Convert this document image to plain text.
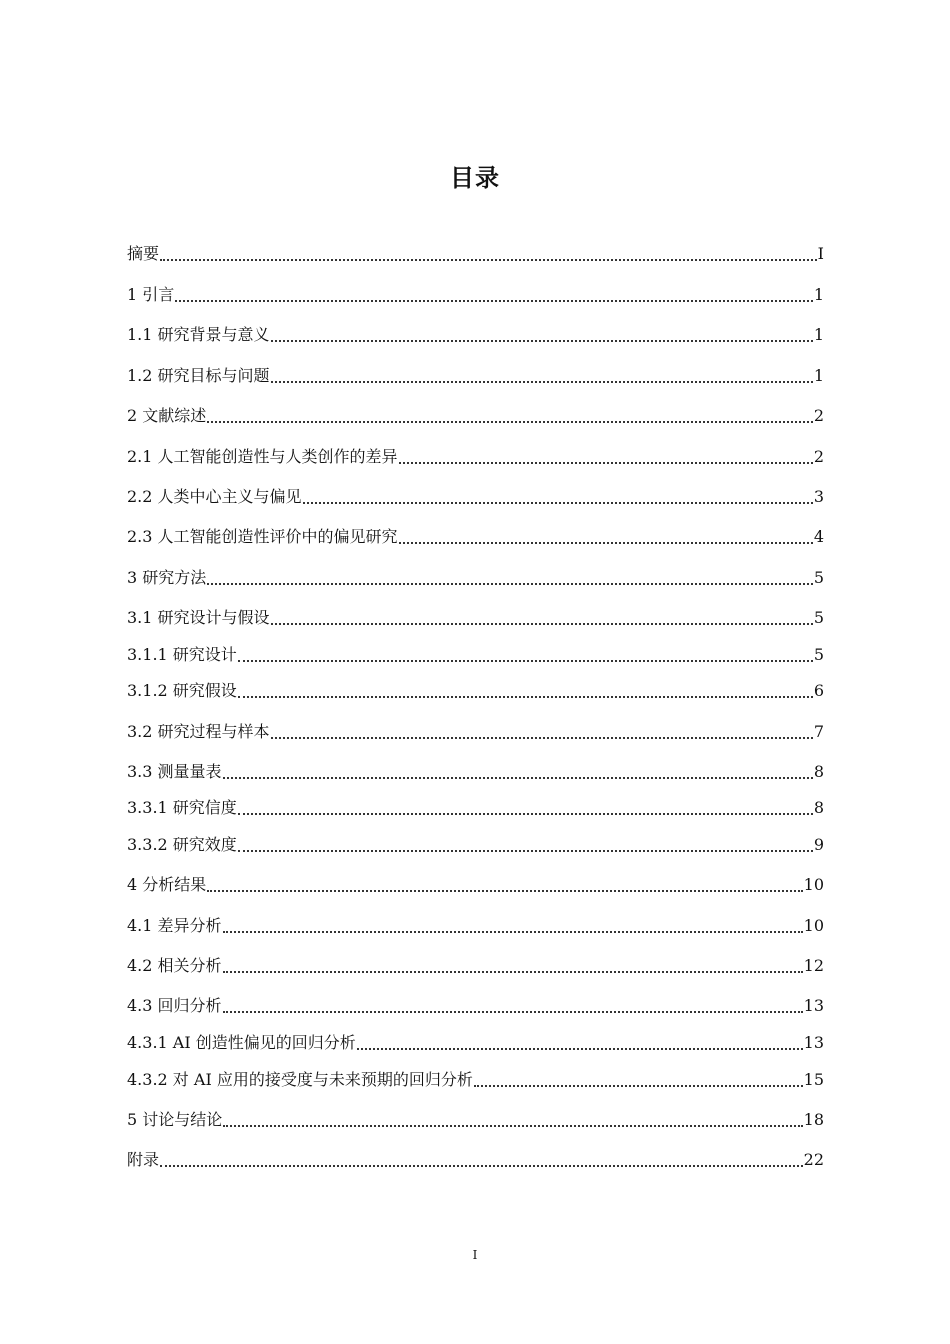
目录
摘要	I
1 引言	1
1.1 研究背景与意义	1
1.2 研究目标与问题	1
2 文献综述	2
2.1 人工智能创造性与人类创作的差异	2
2.2 人类中心主义与偏见	3
2.3 人工智能创造性评价中的偏见研究	4
3 研究方法	5
3.1 研究设计与假设	5
3.1.1 研究设计	5
3.1.2 研究假设	6
3.2 研究过程与样本	7
3.3 测量量表	8
3.3.1 研究信度	8
3.3.2 研究效度	9
4 分析结果	10
4.1 差异分析	10
4.2 相关分析	12
4.3 回归分析	13
4.3.1 AI 创造性偏见的回归分析	13
4.3.2 对 AI 应用的接受度与未来预期的回归分析	15
5 讨论与结论	18
附录	22
I
